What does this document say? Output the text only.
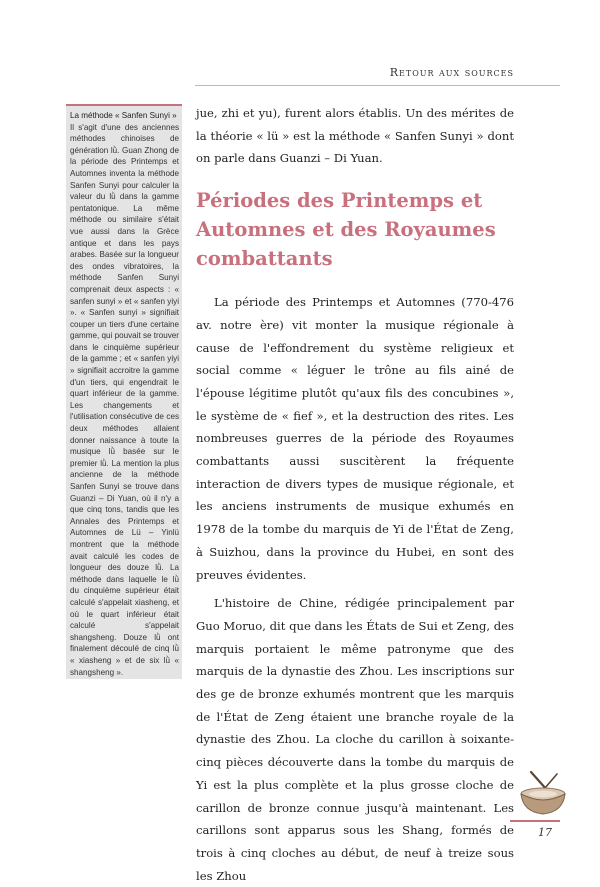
Retour aux sources
La méthode « Sanfen Sunyi »
Il s'agit d'une des anciennes méthodes chinoises de génération lǜ. Guan Zhong de la période des Printemps et Automnes inventa la méthode Sanfen Sunyi pour calculer la valeur du lǜ dans la gamme pentatonique. La même méthode ou similaire s'était vue aussi dans la Grèce antique et dans les pays arabes. Basée sur la longueur des ondes vibratoires, la méthode Sanfen Sunyi comprenait deux aspects : « sanfen sunyi » et « sanfen yiyi ». « Sanfen sunyi » signifiait couper un tiers d'une certaine gamme, qui pouvait se trouver dans le cinquième supérieur de la gamme ; et « sanfen yiyi » signifiait accroitre la gamme d'un tiers, qui engendrait le quart inférieur de la gamme. Les changements et l'utilisation consécutive de ces deux méthodes allaient donner naissance à toute la musique lǜ basée sur le premier lǜ. La mention la plus ancienne de la méthode Sanfen Sunyi se trouve dans Guanzi – Di Yuan, où il n'y a que cinq tons, tandis que les Annales des Printemps et Automnes de Lü – Yinlü montrent que la méthode avait calculé les codes de longueur des douze lǜ. La méthode dans laquelle le lǜ du cinquième supérieur était calculé s'appelait xiasheng, et où le quart inférieur était calculé s'appelait shangsheng. Douze lǜ ont finalement découlé de cinq lǜ « xiasheng » et de six lǜ « shangsheng ».

jue, zhi et yu), furent alors établis. Un des mérites de la théorie « lü » est la méthode « Sanfen Sunyi » dont on parle dans Guanzi – Di Yuan.

Périodes des Printemps et Automnes et des Royaumes combattants

La période des Printemps et Automnes (770-476 av. notre ère) vit monter la musique régionale à cause de l'effondrement du système religieux et social comme « léguer le trône au fils ainé de l'épouse légitime plutôt qu'aux fils des concubines », le système de « fief », et la destruction des rites. Les nombreuses guerres de la période des Royaumes combattants aussi suscitèrent la fréquente interaction de divers types de musique régionale, et les anciens instruments de musique exhumés en 1978 de la tombe du marquis de Yi de l'État de Zeng, à Suizhou, dans la province du Hubei, en sont des preuves évidentes.

L'histoire de Chine, rédigée principalement par Guo Moruo, dit que dans les États de Sui et Zeng, des marquis portaient le même patronyme que des marquis de la dynastie des Zhou. Les inscriptions sur des ge de bronze exhumés montrent que les marquis de l'État de Zeng étaient une branche royale de la dynastie des Zhou. La cloche du carillon à soixante-cinq pièces découverte dans la tombe du marquis de Yi est la plus complète et la plus grosse cloche de carillon de bronze connue jusqu'à maintenant. Les carillons sont apparus sous les Shang, formés de trois à cinq cloches au début, de neuf à treize sous les Zhou

17
